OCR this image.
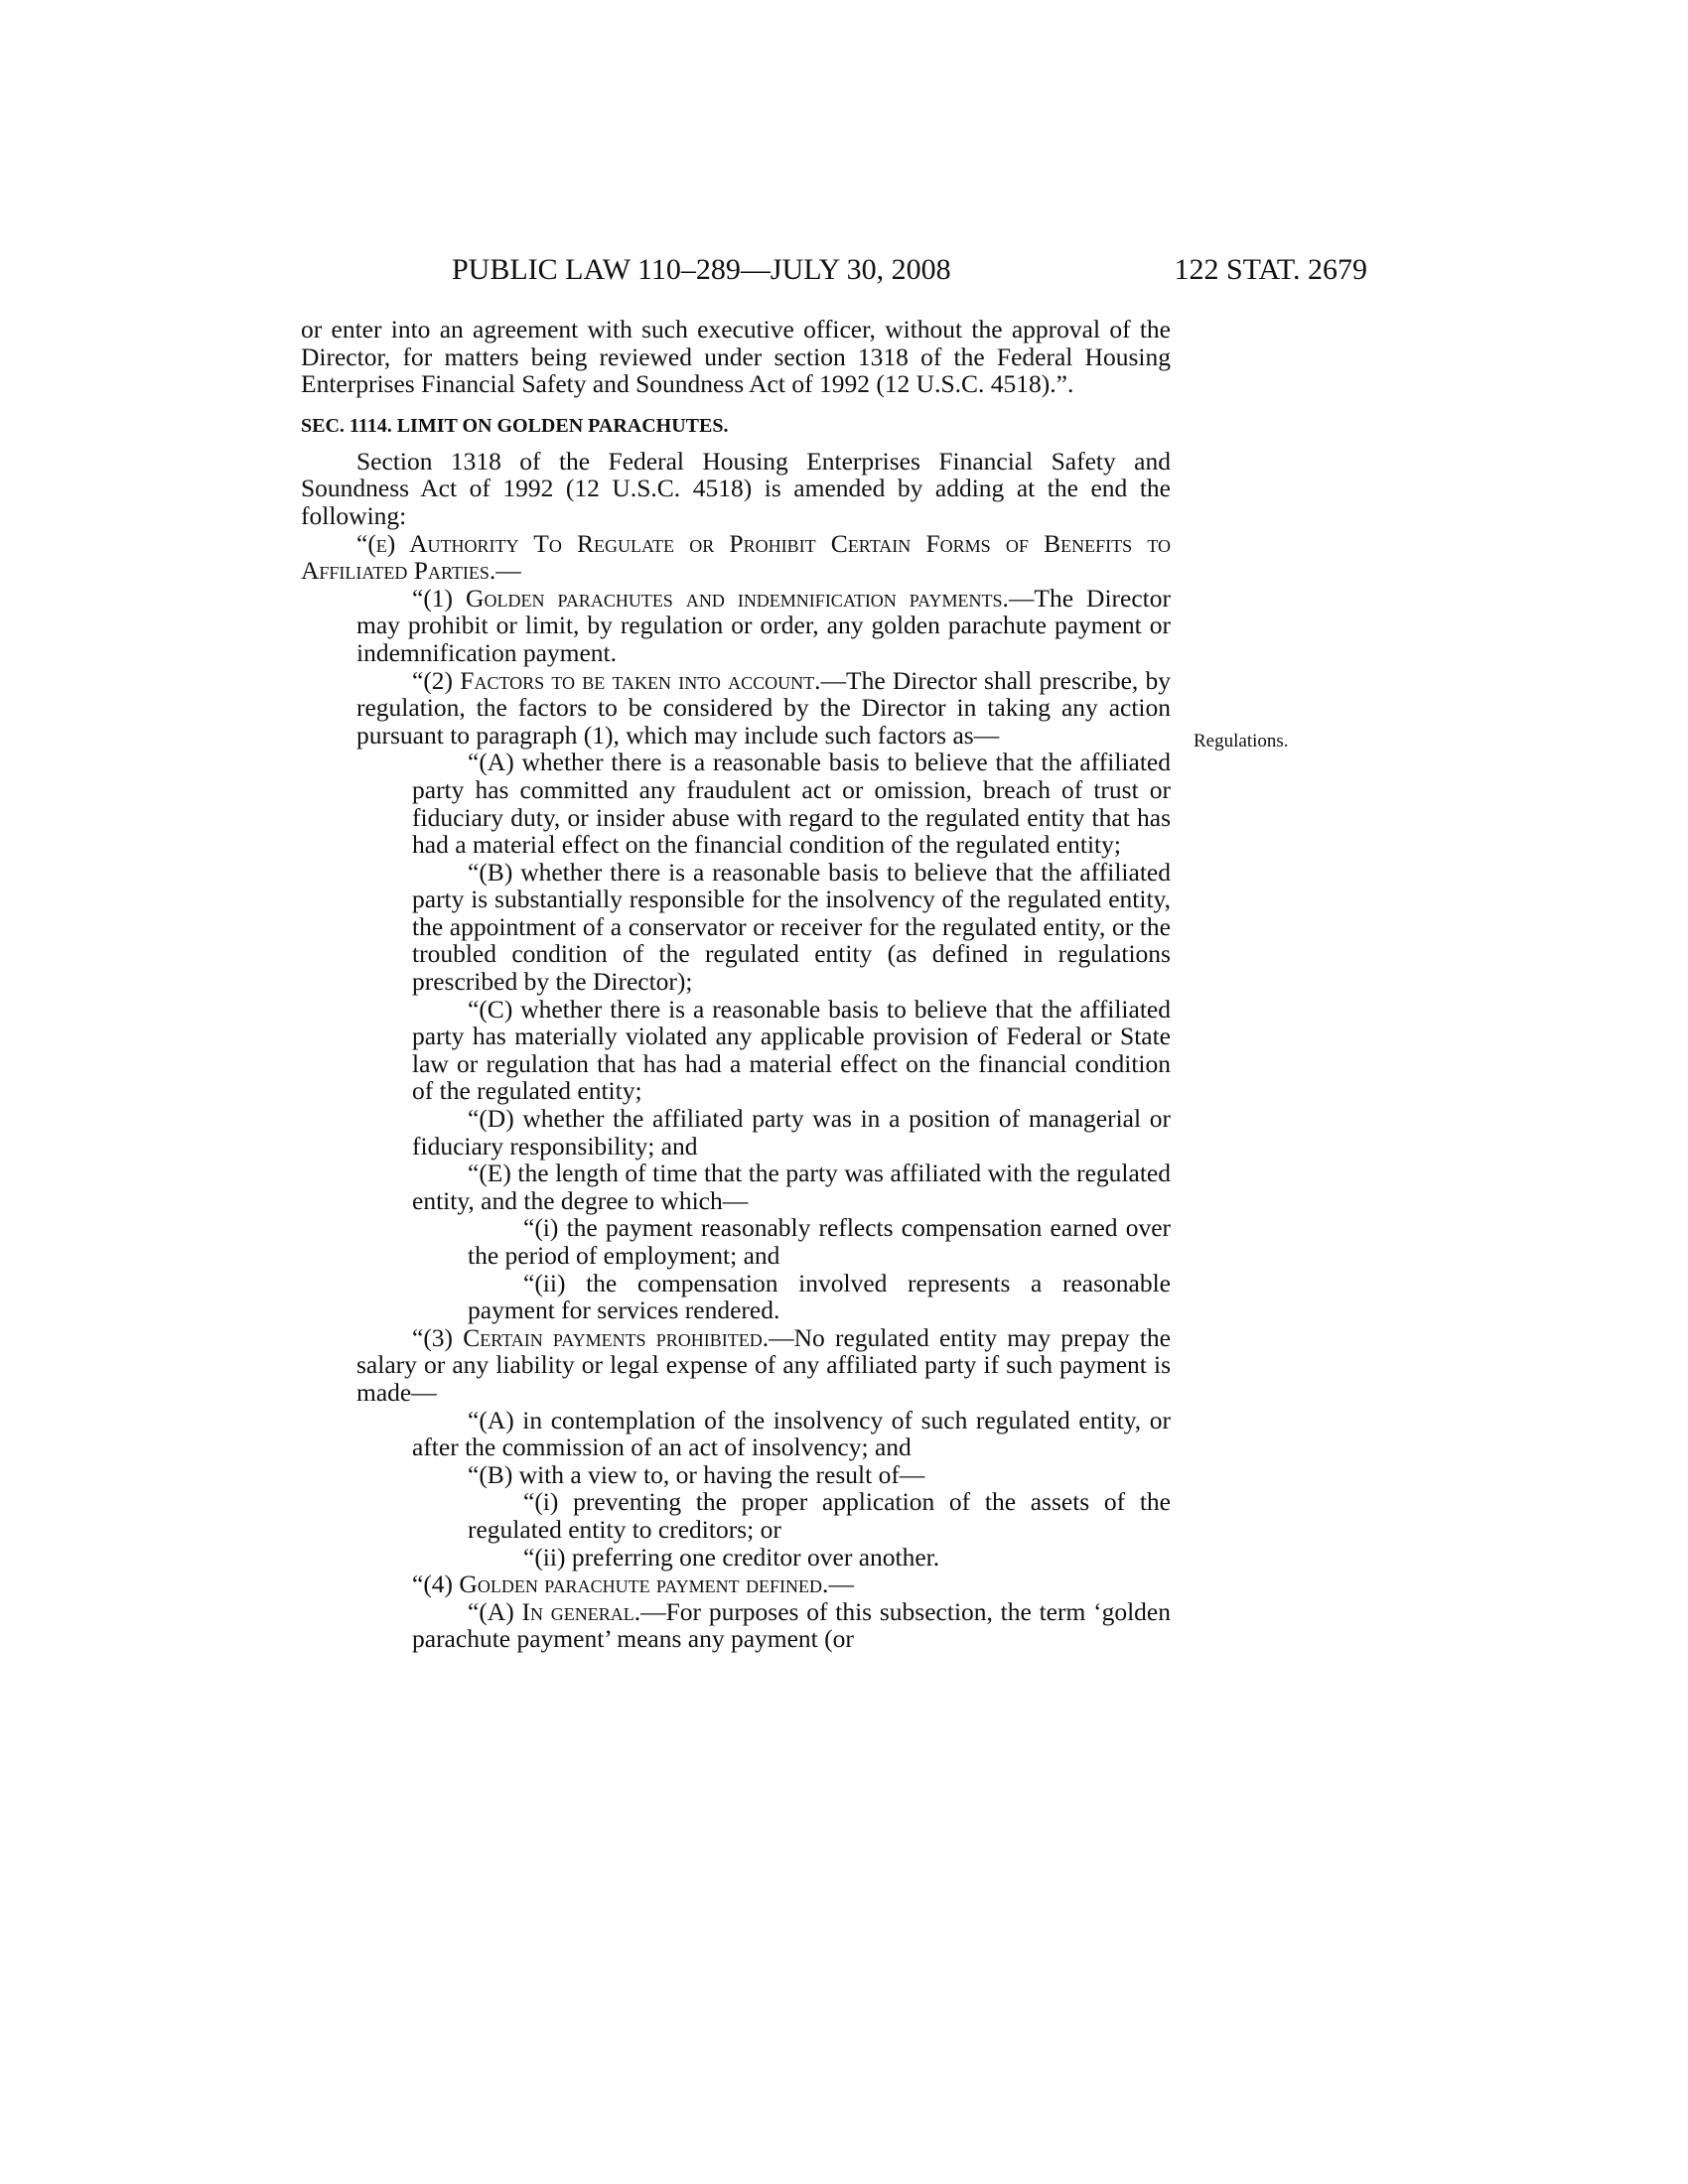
PUBLIC LAW 110–289—JULY 30, 2008	122 STAT. 2679
Regulations.

or enter into an agreement with such executive officer, without the approval of the Director, for matters being reviewed under section 1318 of the Federal Housing Enterprises Financial Safety and Soundness Act of 1992 (12 U.S.C. 4518).”.

SEC. 1114. LIMIT ON GOLDEN PARACHUTES.

Section 1318 of the Federal Housing Enterprises Financial Safety and Soundness Act of 1992 (12 U.S.C. 4518) is amended by adding at the end the following:

“(e) Authority To Regulate or Prohibit Certain Forms of Benefits to Affiliated Parties.—

“(1) Golden parachutes and indemnification payments.—The Director may prohibit or limit, by regulation or order, any golden parachute payment or indemnification payment.

“(2) Factors to be taken into account.—The Director shall prescribe, by regulation, the factors to be considered by the Director in taking any action pursuant to paragraph (1), which may include such factors as—

“(A) whether there is a reasonable basis to believe that the affiliated party has committed any fraudulent act or omission, breach of trust or fiduciary duty, or insider abuse with regard to the regulated entity that has had a material effect on the financial condition of the regulated entity;

“(B) whether there is a reasonable basis to believe that the affiliated party is substantially responsible for the insolvency of the regulated entity, the appointment of a conservator or receiver for the regulated entity, or the troubled condition of the regulated entity (as defined in regulations prescribed by the Director);

“(C) whether there is a reasonable basis to believe that the affiliated party has materially violated any applicable provision of Federal or State law or regulation that has had a material effect on the financial condition of the regulated entity;

“(D) whether the affiliated party was in a position of managerial or fiduciary responsibility; and

“(E) the length of time that the party was affiliated with the regulated entity, and the degree to which—

“(i) the payment reasonably reflects compensation earned over the period of employment; and

“(ii) the compensation involved represents a reasonable payment for services rendered.

“(3) Certain payments prohibited.—No regulated entity may prepay the salary or any liability or legal expense of any affiliated party if such payment is made—

“(A) in contemplation of the insolvency of such regulated entity, or after the commission of an act of insolvency; and

“(B) with a view to, or having the result of—

“(i) preventing the proper application of the assets of the regulated entity to creditors; or

“(ii) preferring one creditor over another.

“(4) Golden parachute payment defined.—

“(A) In general.—For purposes of this subsection, the term ‘golden parachute payment’ means any payment (or
